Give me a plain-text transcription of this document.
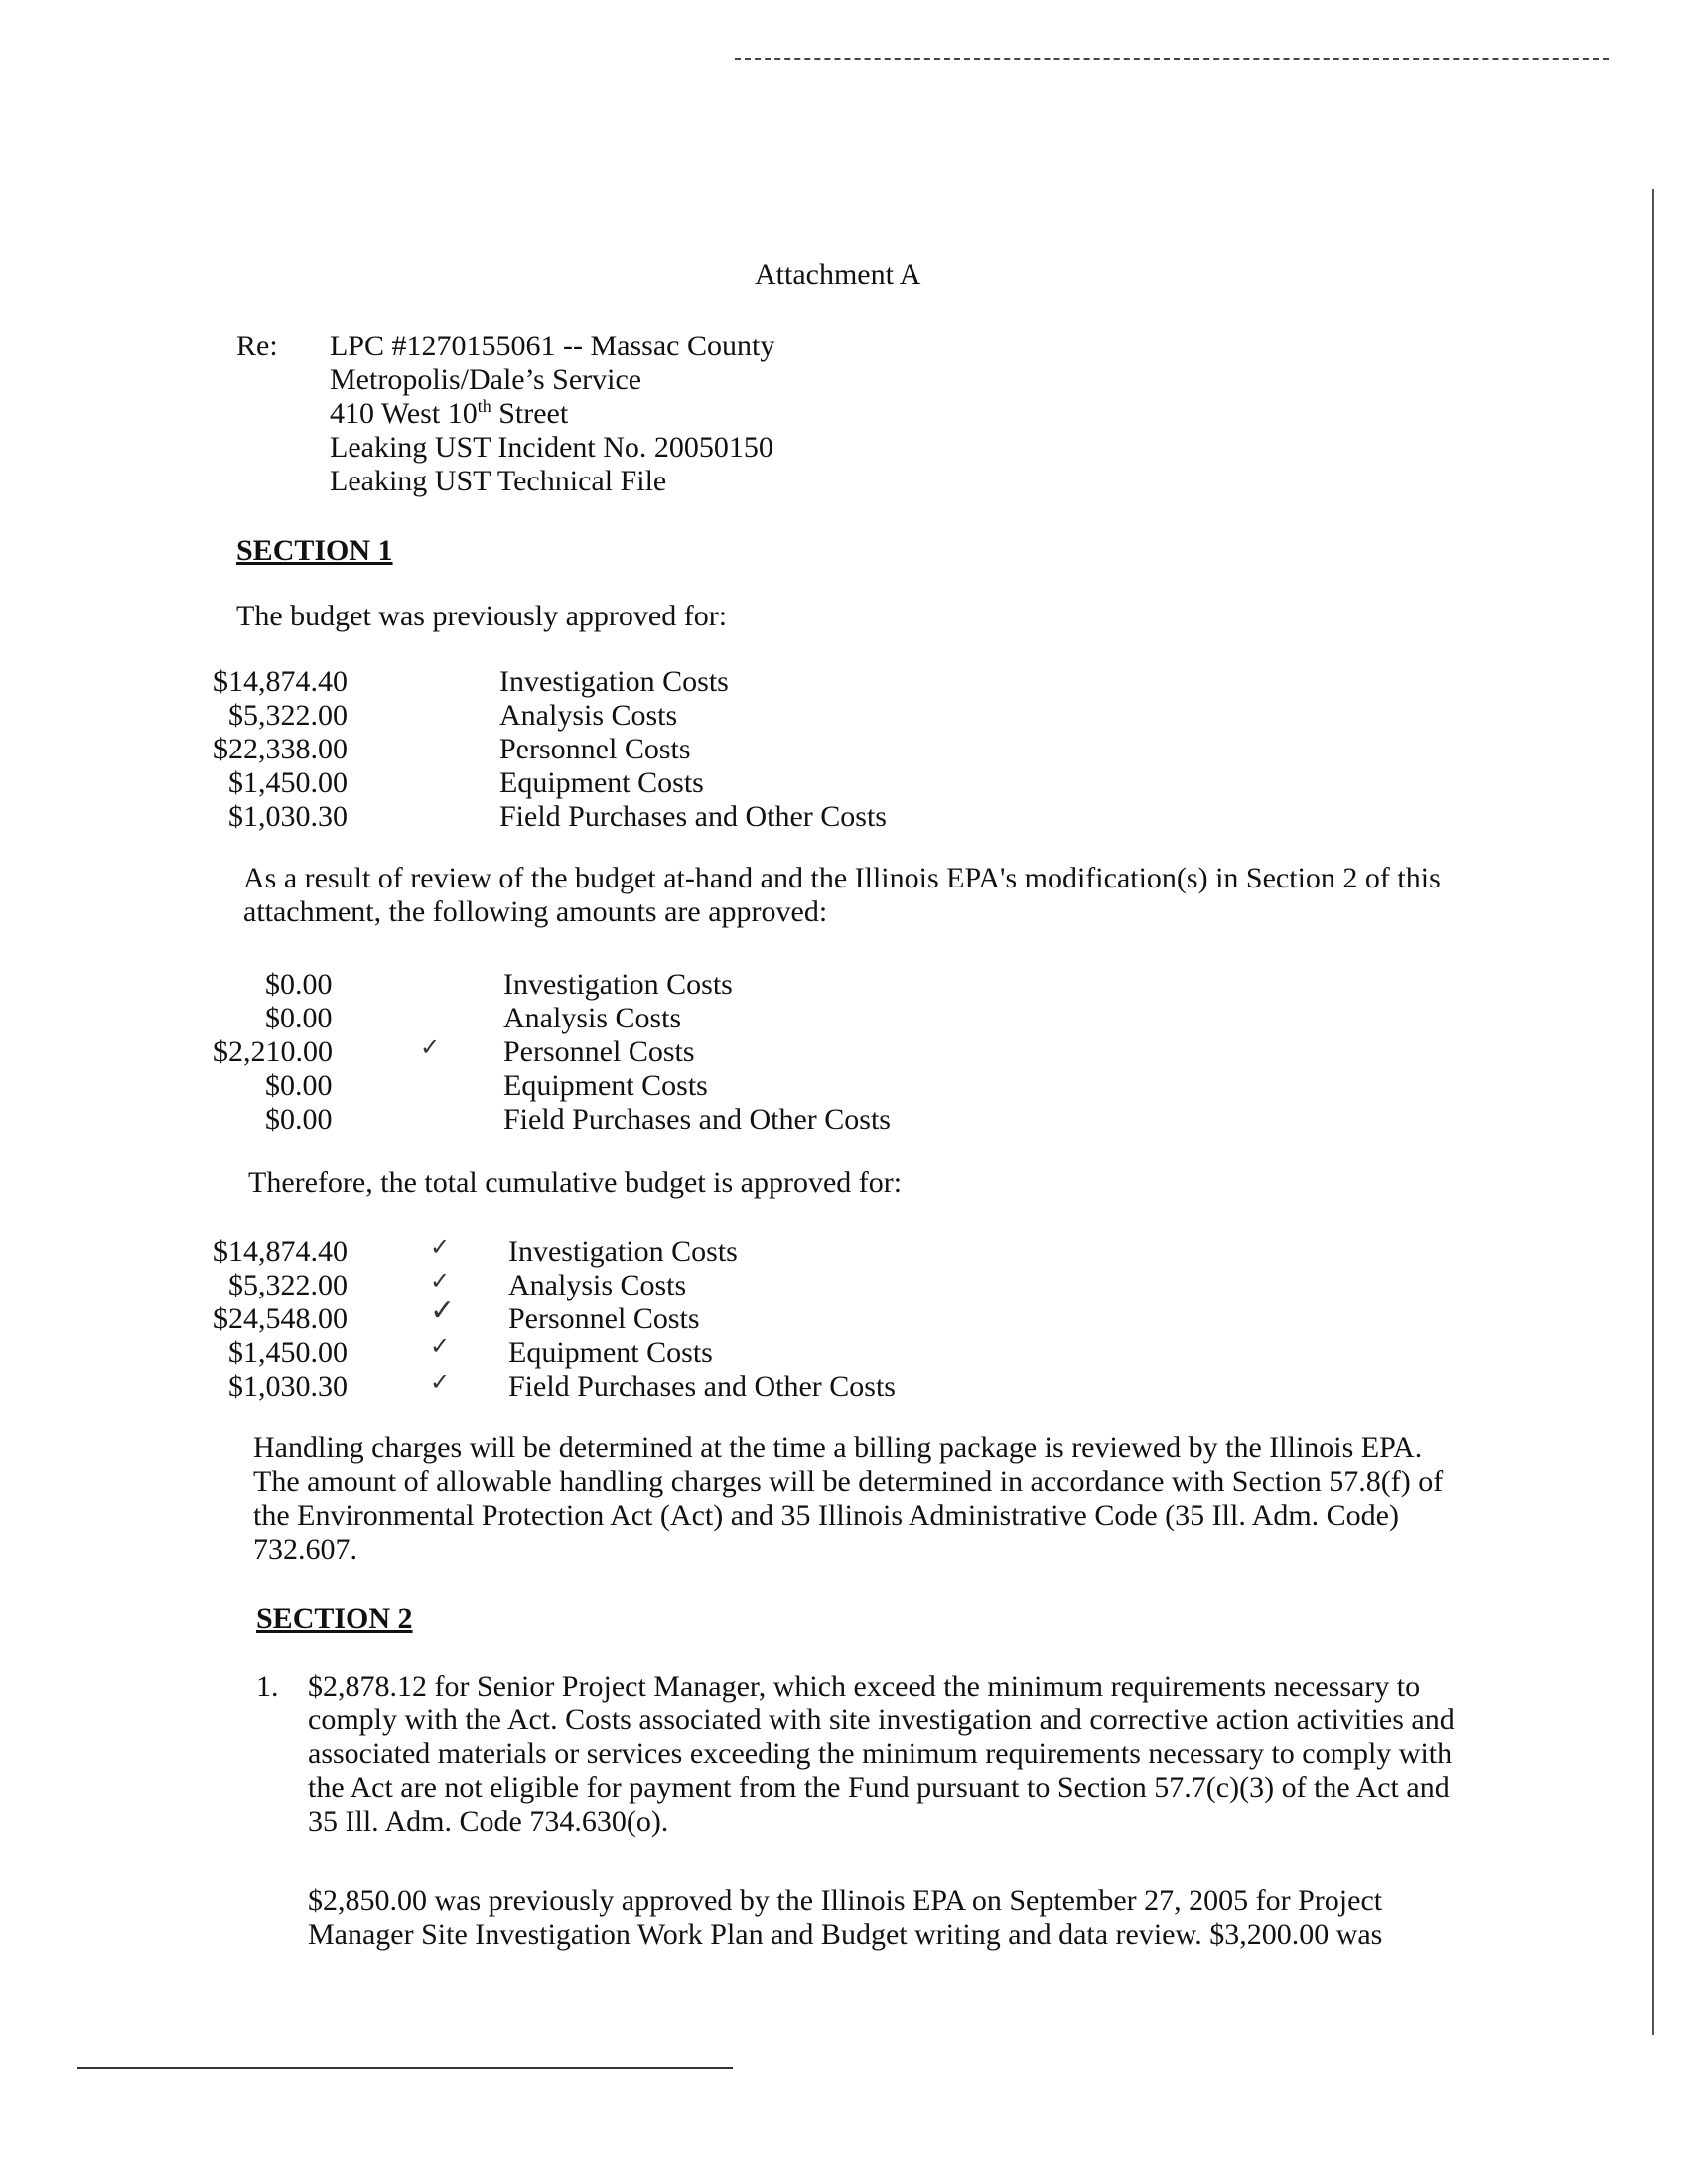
Attachment A
Re: LPC #1270155061 -- Massac County
Metropolis/Dale’s Service
410 West 10th Street
Leaking UST Incident No. 20050150
Leaking UST Technical File
SECTION 1
The budget was previously approved for:
$14,874.40	Investigation Costs
$5,322.00	Analysis Costs
$22,338.00	Personnel Costs
$1,450.00	Equipment Costs
$1,030.30	Field Purchases and Other Costs
As a result of review of the budget at-hand and the Illinois EPA's modification(s) in Section 2 of this
attachment, the following amounts are approved:
$0.00	Investigation Costs
$0.00	Analysis Costs
$2,210.00	✓ Personnel Costs
$0.00	Equipment Costs
$0.00	Field Purchases and Other Costs
Therefore, the total cumulative budget is approved for:
$14,874.40	✓ Investigation Costs
$5,322.00	✓ Analysis Costs
$24,548.00	✓ Personnel Costs
$1,450.00	✓ Equipment Costs
$1,030.30	✓ Field Purchases and Other Costs
Handling charges will be determined at the time a billing package is reviewed by the Illinois EPA.
The amount of allowable handling charges will be determined in accordance with Section 57.8(f) of
the Environmental Protection Act (Act) and 35 Illinois Administrative Code (35 Ill. Adm. Code)
732.607.
SECTION 2
1. $2,878.12 for Senior Project Manager, which exceed the minimum requirements necessary to
comply with the Act. Costs associated with site investigation and corrective action activities and
associated materials or services exceeding the minimum requirements necessary to comply with
the Act are not eligible for payment from the Fund pursuant to Section 57.7(c)(3) of the Act and
35 Ill. Adm. Code 734.630(o).
$2,850.00 was previously approved by the Illinois EPA on September 27, 2005 for Project
Manager Site Investigation Work Plan and Budget writing and data review. $3,200.00 was
